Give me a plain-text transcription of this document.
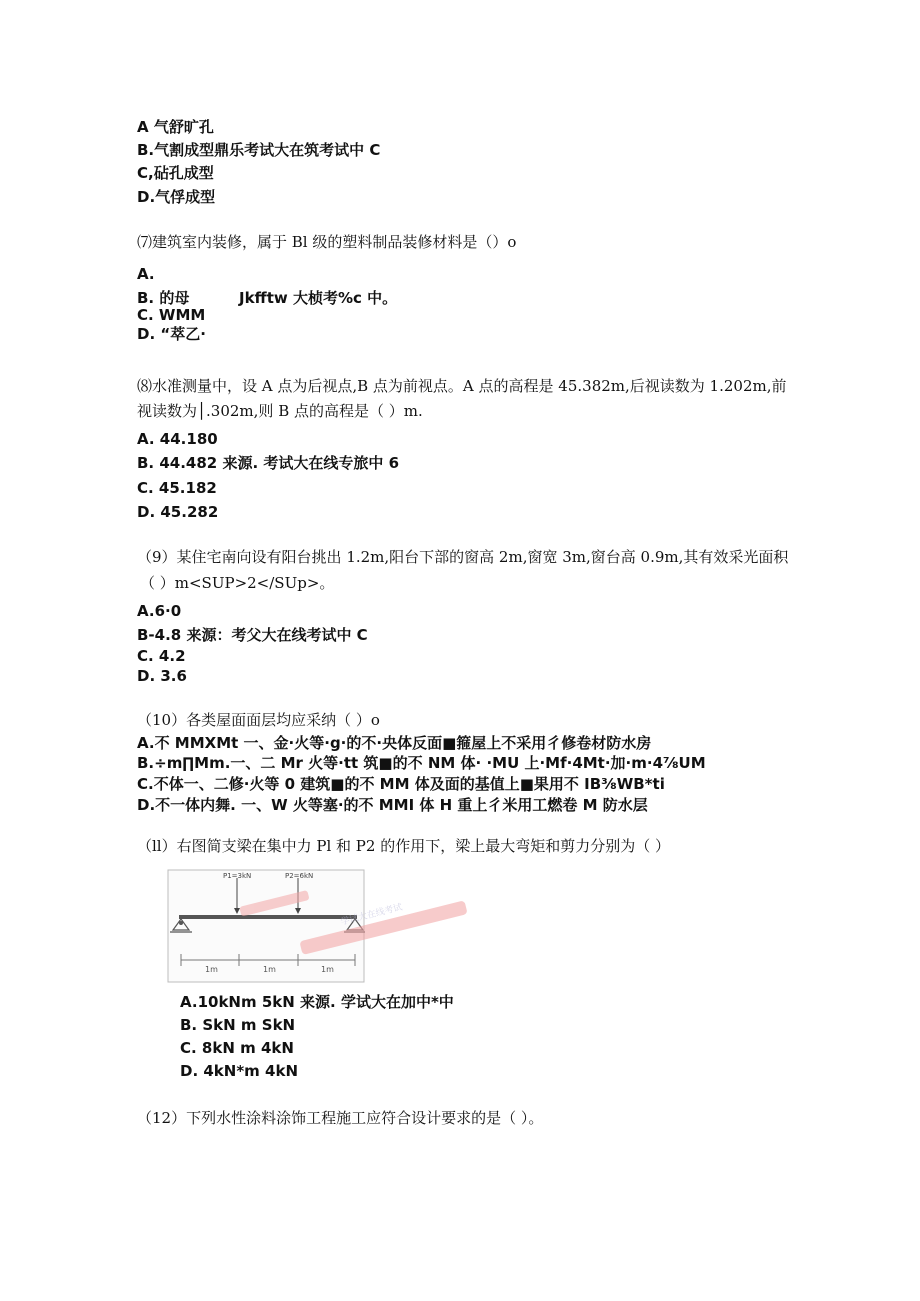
A 气舒旷孔
B.气割成型鼎乐考试大在筑考试中 C
C,砧孔成型
D.气俘成型
⑺建筑室内装修，属于 Bl 级的塑料制品装修材料是（）o
A.
B. 的母	Jkfftw 大桢考%c 中。
C. WMM
D. “萃乙·
⑻水准测量中，设 A 点为后视点,B 点为前视点。A 点的高程是 45.382m,后视读数为 1.202m,前
视读数为│.302m,则 B 点的高程是（ ）m.
A. 44.180
B. 44.482 来源. 考试大在线专旅中 6
C. 45.182
D. 45.282
（9）某住宅南向设有阳台挑出 1.2m,阳台下部的窗高 2m,窗宽 3m,窗台高 0.9m,其有效采光面积
（ ）m<SUP>2</SUp>。
A.6·0
B-4.8 来源：考父大在线考试中 C
C. 4.2
D. 3.6
（10）各类屋面面层均应采纳（ ）o
A.不 MMXMt 一、金·火等·g·的不·央体反面■箍屋上不采用彳修卷材防水房
B.÷m∏Mm.一、二 Mr 火等·tt 筑■的不 NM 体· ·MU 上·Mf·4Mt·加·m·4⅞UM
C.不体一、二修·火等 0 建筑■的不 MM 体及面的基值上■果用不 IB⅜WB*ti
D.不一体内舞. 一、W 火等塞·的不 MMI 体 H 重上彳米用工燃卷 M 防水层
（ll）右图简支梁在集中力 Pl 和 P2 的作用下，梁上最大弯矩和剪力分别为（ ）
P1=3kN	P2=6kN
1m	1m	1m
学试大在线考试
A.10kNm 5kN 来源. 学试大在加中*中
B. SkN m SkN
C. 8kN m 4kN
D. 4kN*m 4kN
（12）下列水性涂料涂饰工程施工应符合设计要求的是（ ）。
